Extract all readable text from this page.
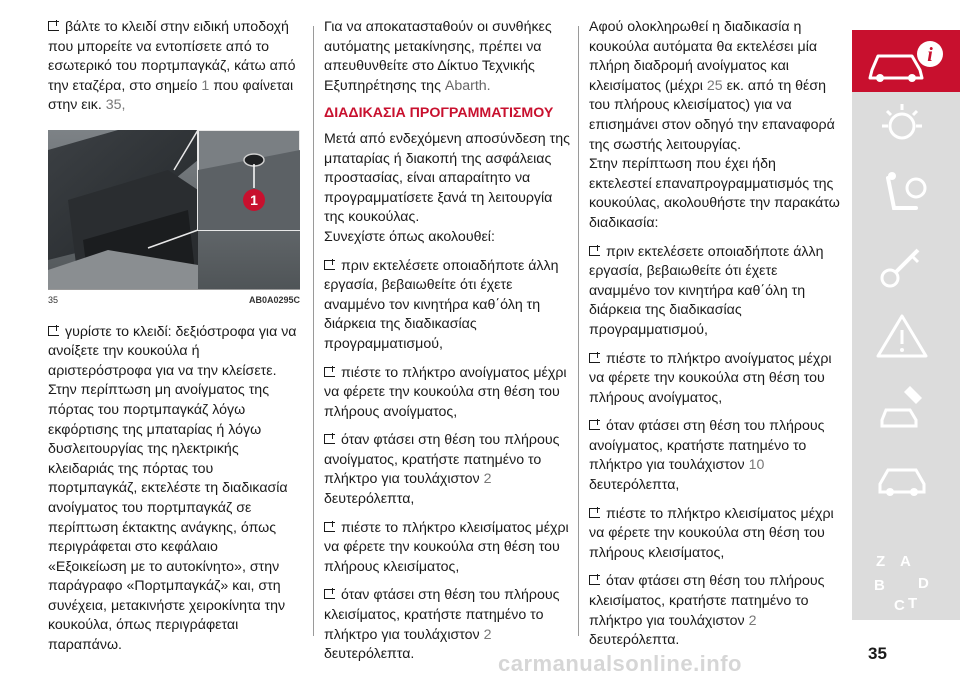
βάλτε το κλειδί στην ειδική υποδοχή που μπορείτε να εντοπίσετε από το εσωτερικό του πορτμπαγκάζ, κάτω από την εταζέρα, στο σημείο 1 που φαίνεται στην εικ. 35,

1
35	AB0A0295C

γυρίστε το κλειδί: δεξιόστροφα για να ανοίξετε την κουκούλα ή αριστερόστροφα για να την κλείσετε.

Στην περίπτωση μη ανοίγματος της πόρτας του πορτμπαγκάζ λόγω εκφόρτισης της μπαταρίας ή λόγω δυσλειτουργίας της ηλεκτρικής κλειδαριάς της πόρτας του πορτμπαγκάζ, εκτελέστε τη διαδικασία ανοίγματος του πορτμπαγκάζ σε περίπτωση έκτακτης ανάγκης, όπως περιγράφεται στο κεφάλαιο «Εξοικείωση με το αυτοκίνητο», στην παράγραφο «Πορτμπαγκάζ» και, στη συνέχεια, μετακινήστε χειροκίνητα την κουκούλα, όπως περιγράφεται παραπάνω.

Για να αποκατασταθούν οι συνθήκες αυτόματης μετακίνησης, πρέπει να απευθυνθείτε στο Δίκτυο Τεχνικής Εξυπηρέτησης της Abarth.

ΔΙΑΔΙΚΑΣΙΑ ΠΡΟΓΡΑΜΜΑΤΙΣΜΟΥ

Μετά από ενδεχόμενη αποσύνδεση της μπαταρίας ή διακοπή της ασφάλειας προστασίας, είναι απαραίτητο να προγραμματίσετε ξανά τη λειτουργία της κουκούλας.

Συνεχίστε όπως ακολουθεί:

πριν εκτελέσετε οποιαδήποτε άλλη εργασία, βεβαιωθείτε ότι έχετε αναμμένο τον κινητήρα καθ΄όλη τη διάρκεια της διαδικασίας προγραμματισμού,

πιέστε το πλήκτρο ανοίγματος μέχρι να φέρετε την κουκούλα στη θέση του πλήρους ανοίγματος,

όταν φτάσει στη θέση του πλήρους ανοίγματος, κρατήστε πατημένο το πλήκτρο για τουλάχιστον 2 δευτερόλεπτα,

πιέστε το πλήκτρο κλεισίματος μέχρι να φέρετε την κουκούλα στη θέση του πλήρους κλεισίματος,

όταν φτάσει στη θέση του πλήρους κλεισίματος, κρατήστε πατημένο το πλήκτρο για τουλάχιστον 2 δευτερόλεπτα.

Αφού ολοκληρωθεί η διαδικασία η κουκούλα αυτόματα θα εκτελέσει μία πλήρη διαδρομή ανοίγματος και κλεισίματος (μέχρι 25 εκ. από τη θέση του πλήρους κλεισίματος) για να επισημάνει στον οδηγό την επαναφορά της σωστής λειτουργίας.

Στην περίπτωση που έχει ήδη εκτελεστεί επαναπρογραμματισμός της κουκούλας, ακολουθήστε την παρακάτω διαδικασία:

πριν εκτελέσετε οποιαδήποτε άλλη εργασία, βεβαιωθείτε ότι έχετε αναμμένο τον κινητήρα καθ΄όλη τη διάρκεια της διαδικασίας προγραμματισμού,

πιέστε το πλήκτρο ανοίγματος μέχρι να φέρετε την κουκούλα στη θέση του πλήρους ανοίγματος,

όταν φτάσει στη θέση του πλήρους ανοίγματος, κρατήστε πατημένο το πλήκτρο για τουλάχιστον 10 δευτερόλεπτα,

πιέστε το πλήκτρο κλεισίματος μέχρι να φέρετε την κουκούλα στη θέση του πλήρους κλεισίματος,

όταν φτάσει στη θέση του πλήρους κλεισίματος, κρατήστε πατημένο το πλήκτρο για τουλάχιστον 2 δευτερόλεπτα.

i
Z A
B
C T
D
35
carmanualsonline.info
